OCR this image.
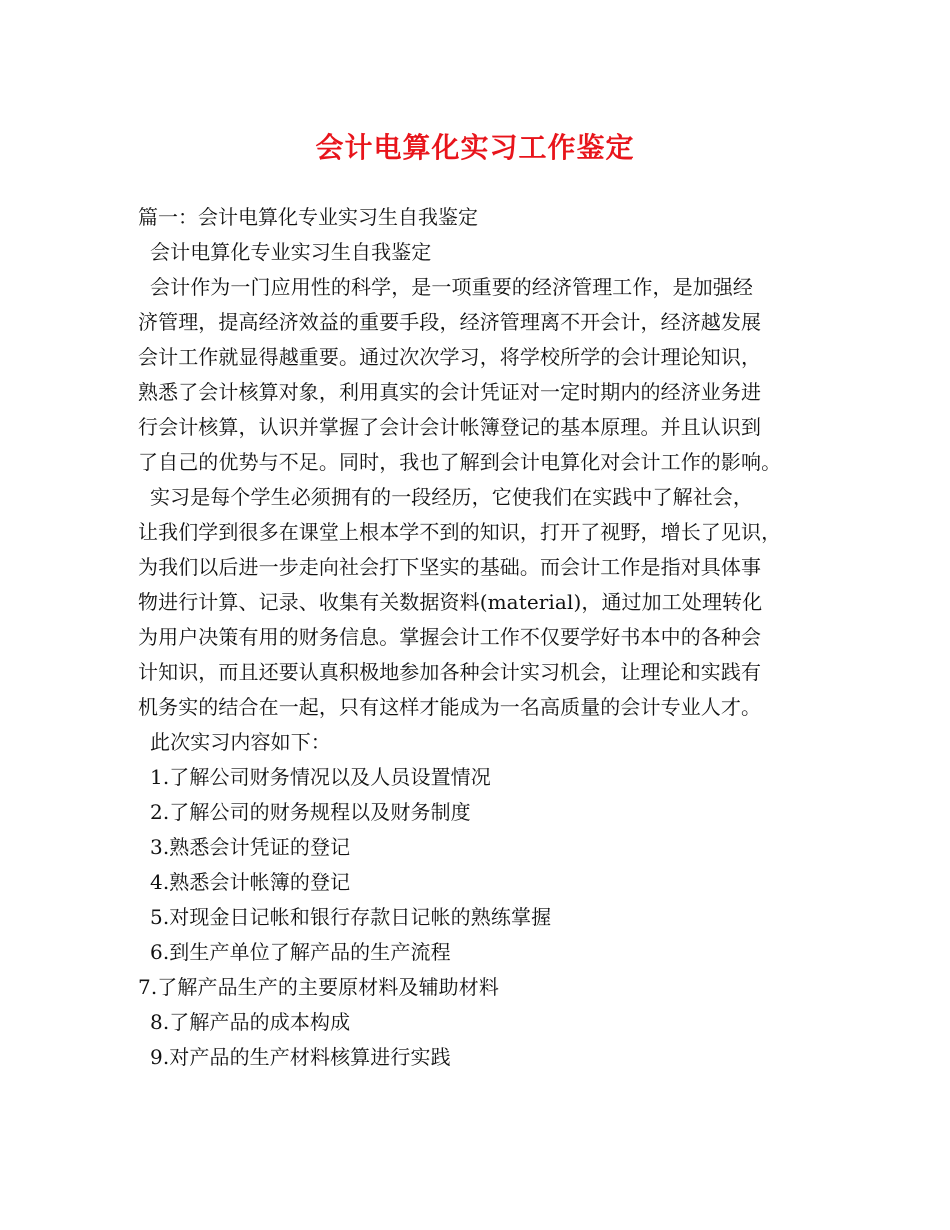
会计电算化实习工作鉴定
篇一：会计电算化专业实习生自我鉴定
会计电算化专业实习生自我鉴定
会计作为一门应用性的科学，是一项重要的经济管理工作，是加强经
济管理，提高经济效益的重要手段，经济管理离不开会计，经济越发展
会计工作就显得越重要。通过次次学习，将学校所学的会计理论知识，
熟悉了会计核算对象，利用真实的会计凭证对一定时期内的经济业务进
行会计核算，认识并掌握了会计会计帐簿登记的基本原理。并且认识到
了自己的优势与不足。同时，我也了解到会计电算化对会计工作的影响。
实习是每个学生必须拥有的一段经历，它使我们在实践中了解社会，
让我们学到很多在课堂上根本学不到的知识，打开了视野，增长了见识，
为我们以后进一步走向社会打下坚实的基础。而会计工作是指对具体事
物进行计算、记录、收集有关数据资料(material)，通过加工处理转化
为用户决策有用的财务信息。掌握会计工作不仅要学好书本中的各种会
计知识，而且还要认真积极地参加各种会计实习机会，让理论和实践有
机务实的结合在一起，只有这样才能成为一名高质量的会计专业人才。
此次实习内容如下：
1.了解公司财务情况以及人员设置情况
2.了解公司的财务规程以及财务制度
3.熟悉会计凭证的登记
4.熟悉会计帐簿的登记
5.对现金日记帐和银行存款日记帐的熟练掌握
6.到生产单位了解产品的生产流程
7.了解产品生产的主要原材料及辅助材料
8.了解产品的成本构成
9.对产品的生产材料核算进行实践
